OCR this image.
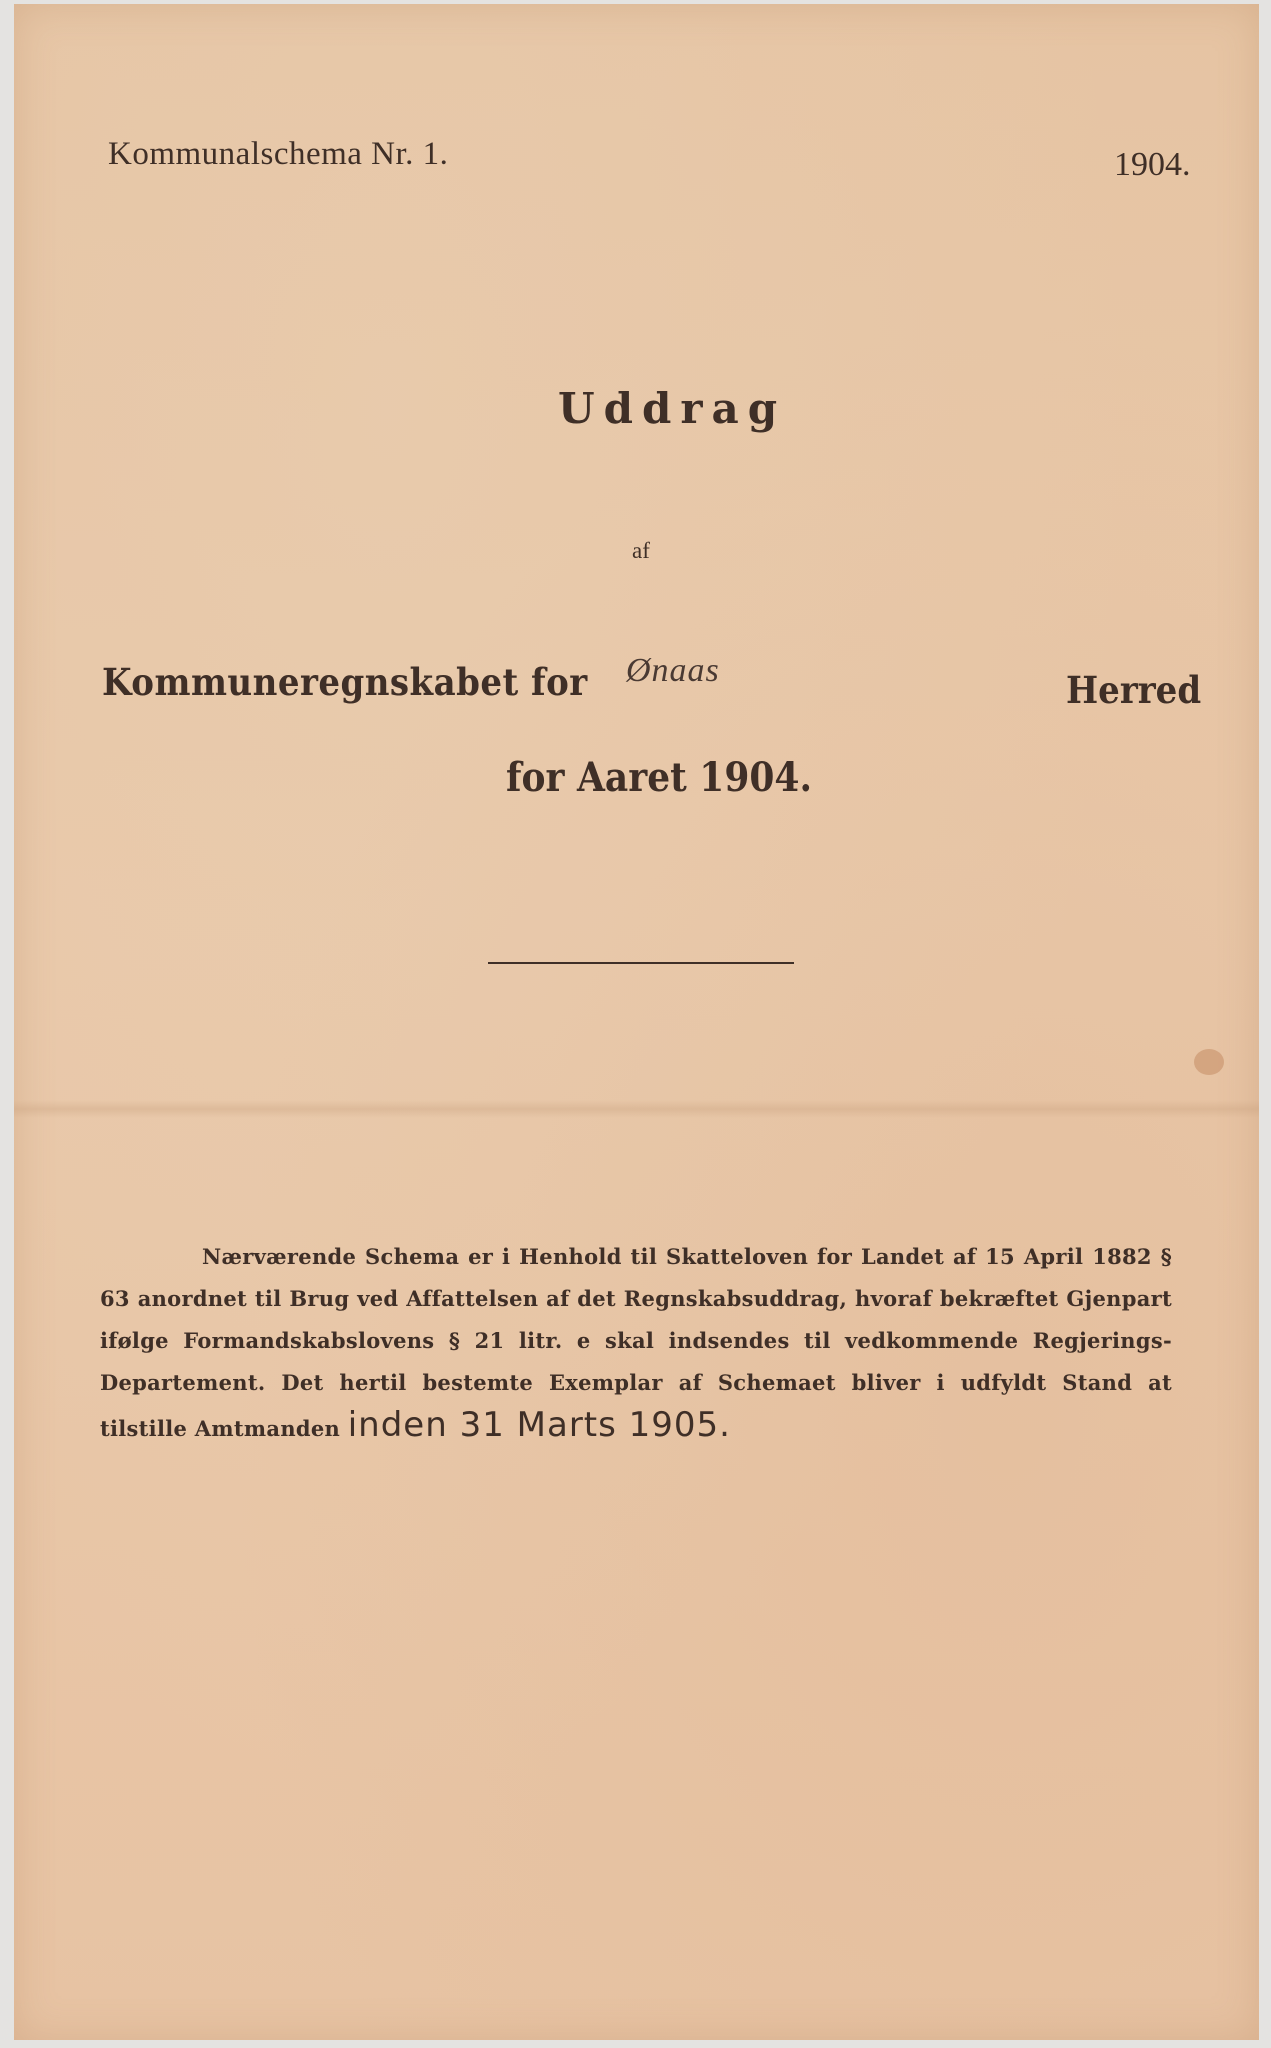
Kommunalschema Nr. 1.	1904.

Uddrag

af

Kommuneregnskabet for Ønaas	Herred

for Aaret 1904.

Nærværende Schema er i Henhold til Skatteloven for Landet af 15 April 1882 § 63 anordnet til Brug ved Affattelsen af det Regnskabsuddrag, hvoraf bekræftet Gjenpart ifølge Formandskabslovens § 21 litr. e skal indsendes til vedkommende Regjerings-Departement. Det hertil bestemte Exemplar af Schemaet bliver i udfyldt Stand at tilstille Amtmanden inden 31 Marts 1905.
